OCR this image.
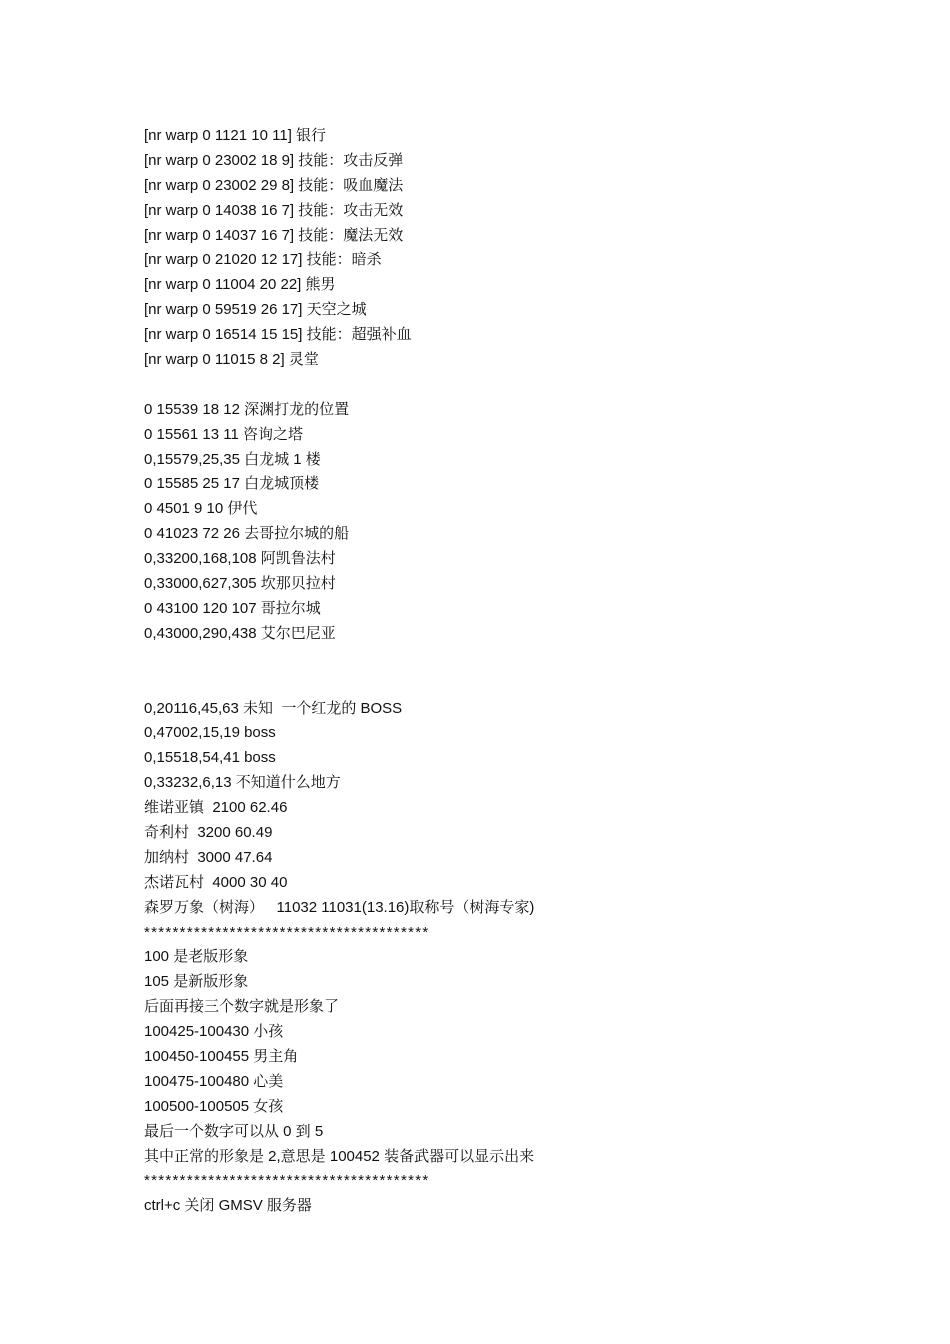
[nr warp 0 1121 10 11] 银行
[nr warp 0 23002 18 9] 技能：攻击反弹
[nr warp 0 23002 29 8] 技能：吸血魔法
[nr warp 0 14038 16 7] 技能：攻击无效
[nr warp 0 14037 16 7] 技能：魔法无效
[nr warp 0 21020 12 17] 技能：暗杀
[nr warp 0 11004 20 22] 熊男
[nr warp 0 59519 26 17] 天空之城
[nr warp 0 16514 15 15] 技能：超强补血
[nr warp 0 11015 8 2] 灵堂
0 15539 18 12 深渊打龙的位置
0 15561 13 11 咨询之塔
0,15579,25,35 白龙城 1 楼
0 15585 25 17 白龙城顶楼
0 4501 9 10 伊代
0 41023 72 26 去哥拉尔城的船
0,33200,168,108 阿凯鲁法村
0,33000,627,305 坎那贝拉村
0 43100 120 107 哥拉尔城
0,43000,290,438 艾尔巴尼亚
0,20116,45,63 未知  一个红龙的 BOSS
0,47002,15,19 boss
0,15518,54,41 boss
0,33232,6,13 不知道什么地方
维诺亚镇  2100 62.46
奇利村  3200 60.49
加纳村  3000 47.64
杰诺瓦村  4000 30 40
森罗万象（树海）   11032 11031(13.16)取称号（树海专家)
****************************************
100 是老版形象
105 是新版形象
后面再接三个数字就是形象了
100425-100430 小孩
100450-100455 男主角
100475-100480 心美
100500-100505 女孩
最后一个数字可以从 0 到 5
其中正常的形象是 2,意思是 100452 装备武器可以显示出来
****************************************
ctrl+c 关闭 GMSV 服务器
